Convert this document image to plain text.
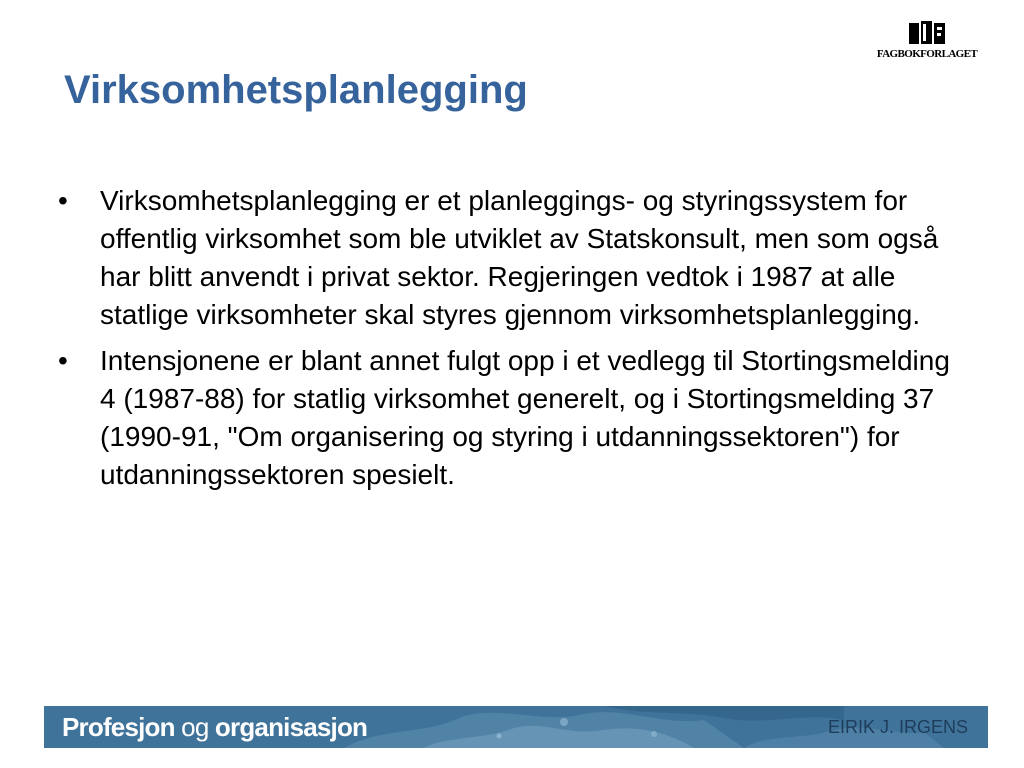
FAGBOKFORLAGET
Virksomhetsplanlegging
• Virksomhetsplanlegging er et planleggings- og styringssystem for offentlig virksomhet som ble utviklet av Statskonsult, men som også har blitt anvendt i privat sektor. Regjeringen vedtok i 1987 at alle statlige virksomheter skal styres gjennom virksomhetsplanlegging.
• Intensjonene er blant annet fulgt opp i et vedlegg til Stortingsmelding 4 (1987-88) for statlig virksomhet generelt, og i Stortingsmelding 37 (1990-91, "Om organisering og styring i utdanningssektoren") for utdanningssektoren spesielt.
Profesjon og organisasjon	EIRIK J. IRGENS
